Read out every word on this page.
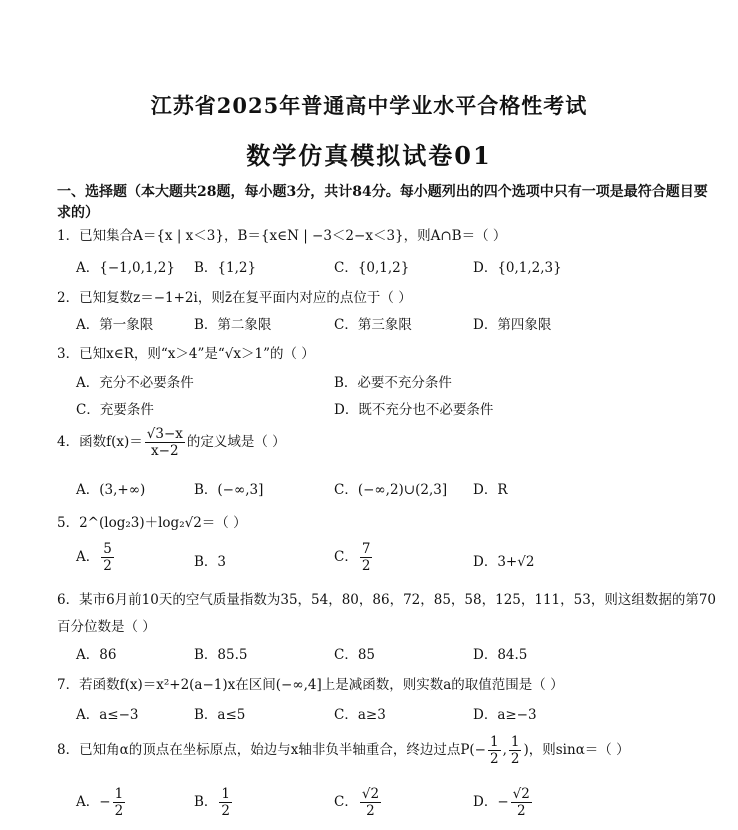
江苏省2025年普通高中学业水平合格性考试
数学仿真模拟试卷01
一、选择题（本大题共28题，每小题3分，共计84分。每小题列出的四个选项中只有一项是最符合题目要求的）
1．已知集合A＝{x | x＜3}，B＝{x∈N | −3＜2−x＜3}，则A∩B＝（ ）
A．{−1,0,1,2} B．{1,2}	C．{0,1,2}	D．{0,1,2,3}
2．已知复数z＝−1+2i，则z̄在复平面内对应的点位于（ ）
A．第一象限	B．第二象限	C．第三象限	D．第四象限
3．已知x∈R，则“x＞4”是“√x＞1”的（ ）
A．充分不必要条件	B．必要不充分条件
C．充要条件	D．既不充分也不必要条件
4．函数$f(x)= \frac{√3-x}{x-2}$ 的定义域是（ ）
A．(3,+∞)	B．(−∞,3]	C．(−∞,2)∪(2,3] D．R
5．2^(log₂3)＋log₂√2＝（ ）
A． $\frac{5}{2}$	B．3	C． $\frac{7}{2}$	D．3+√2
6．某市6月前10天的空气质量指数为35，54，80，86，72，85，58，125，111，53，则这组数据的第70
百分位数是（ ）
A．86	B．85.5	C．85	D．84.5
7．若函数f(x)＝x²+2(a−1)x在区间(−∞,4]上是减函数，则实数a的取值范围是（ ）
A．a≤−3	B．a≤5	C．a≥3	D．a≥−3
8．已知角α的顶点在坐标原点，始边与x轴非负半轴重合，终边过点$P(- \frac{1}{2}$ , $\frac{1}{2}$ )，则sinα＝（ ）
A．− $\frac{1}{2}$	B． $\frac{1}{2}$	C． $\frac{√2}{2}$	D．− $\frac{√2}{2}$
